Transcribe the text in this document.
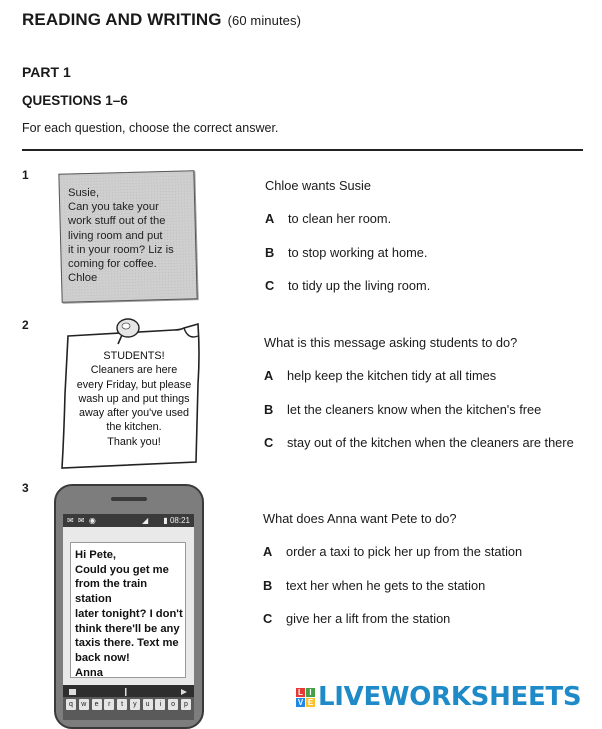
READING AND WRITING (60 minutes)
PART 1
QUESTIONS 1–6
For each question, choose the correct answer.
1
Susie,
Can you take your
work stuff out of the
living room and put
it in your room? Liz is
coming for coffee.
Chloe
Chloe wants Susie
A to clean her room.
B to stop working at home.
C to tidy up the living room.
2
STUDENTS!
Cleaners are here
every Friday, but please
wash up and put things
away after you've used
the kitchen.
Thank you!
What is this message asking students to do?
A help keep the kitchen tidy at all times
B let the cleaners know when the kitchen's free
C stay out of the kitchen when the cleaners are there
3
✉ ✉ ◉              ◢ ▮ 08:21
Hi Pete,
Could you get me
from the train station
later tonight? I don't
think there'll be any
taxis there. Text me
back now!
Anna
q	w	e	r	t	y	u	i	o	p
What does Anna want Pete to do?
A order a taxi to pick her up from the station
B text her when he gets to the station
C give her a lift from the station
L I
V E LIVEWORKSHEETS
